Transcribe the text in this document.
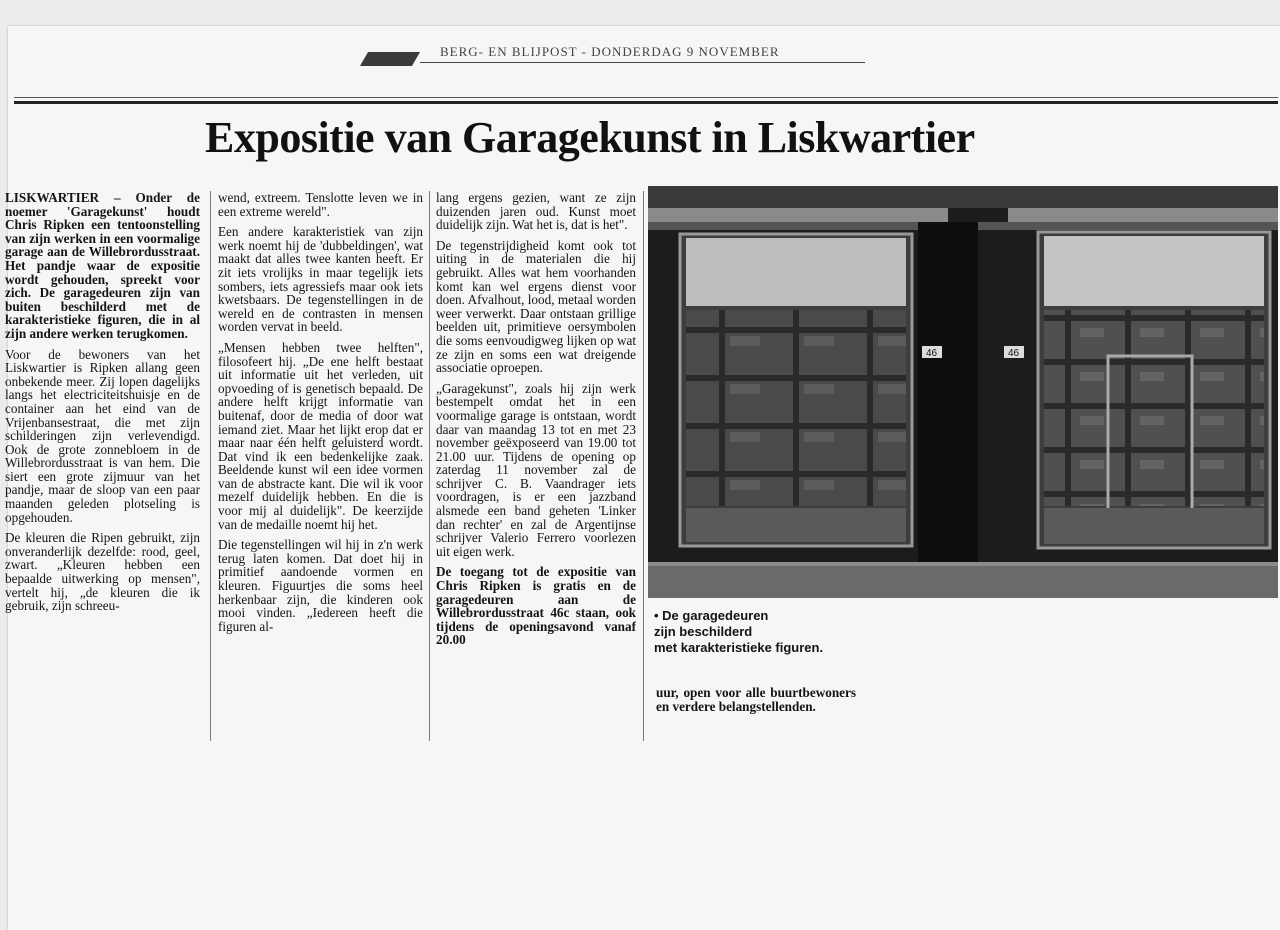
BERG- EN BLIJPOST - DONDERDAG 9 NOVEMBER
Expositie van Garagekunst in Liskwartier

LISKWARTIER – Onder de noemer 'Garagekunst' houdt Chris Ripken een tentoonstelling van zijn werken in een voormalige garage aan de Willebrordusstraat. Het pandje waar de expositie wordt gehouden, spreekt voor zich. De garagedeuren zijn van buiten beschilderd met de karakteristieke figuren, die in al zijn andere werken terugkomen.

Voor de bewoners van het Liskwartier is Ripken allang geen onbekende meer. Zij lopen dagelijks langs het electriciteitshuisje en de container aan het eind van de Vrijenbansestraat, die met zijn schilderingen zijn verlevendigd. Ook de grote zonnebloem in de Willebrordusstraat is van hem. Die siert een grote zijmuur van het pandje, maar de sloop van een paar maanden geleden plotseling is opgehouden.

De kleuren die Ripen gebruikt, zijn onveranderlijk dezelfde: rood, geel, zwart. „Kleuren hebben een bepaalde uitwerking op mensen", vertelt hij, „de kleuren die ik gebruik, zijn schreeu-

wend, extreem. Tenslotte leven we in een extreme wereld".

Een andere karakteristiek van zijn werk noemt hij de 'dubbeldingen', wat maakt dat alles twee kanten heeft. Er zit iets vrolijks in maar tegelijk iets sombers, iets agressiefs maar ook iets kwetsbaars. De tegenstellingen in de wereld en de contrasten in mensen worden vervat in beeld.

„Mensen hebben twee helften", filosofeert hij. „De ene helft bestaat uit informatie uit het verleden, uit opvoeding of is genetisch bepaald. De andere helft krijgt informatie van buitenaf, door de media of door wat iemand ziet. Maar het lijkt erop dat er maar naar één helft geluisterd wordt. Dat vind ik een bedenkelijke zaak. Beeldende kunst wil een idee vormen van de abstracte kant. Die wil ik voor mezelf duidelijk hebben. En die is voor mij al duidelijk". De keerzijde van de medaille noemt hij het.

Die tegenstellingen wil hij in z'n werk terug laten komen. Dat doet hij in primitief aandoende vormen en kleuren. Figuurtjes die soms heel herkenbaar zijn, die kinderen ook mooi vinden. „Iedereen heeft die figuren al-

lang ergens gezien, want ze zijn duizenden jaren oud. Kunst moet duidelijk zijn. Wat het is, dat is het".

De tegenstrijdigheid komt ook tot uiting in de materialen die hij gebruikt. Alles wat hem voorhanden komt kan wel ergens dienst voor doen. Afvalhout, lood, metaal worden weer verwerkt. Daar ontstaan grillige beelden uit, primitieve oersymbolen die soms eenvoudigweg lijken op wat ze zijn en soms een wat dreigende associatie oproepen.

„Garagekunst", zoals hij zijn werk bestempelt omdat het in een voormalige garage is ontstaan, wordt daar van maandag 13 tot en met 23 november geëxposeerd van 19.00 tot 21.00 uur. Tijdens de opening op zaterdag 11 november zal de schrijver C. B. Vaandrager iets voordragen, is er een jazzband alsmede een band geheten 'Linker dan rechter' en zal de Argentijnse schrijver Valerio Ferrero voorlezen uit eigen werk.

De toegang tot de expositie van Chris Ripken is gratis en de garagedeuren aan de Willebrordusstraat 46c staan, ook tijdens de openingsavond vanaf 20.00

46	46

• De garagedeuren

zijn beschilderd

met karakteristieke figuren.

uur, open voor alle buurtbewoners en verdere belangstellenden.
